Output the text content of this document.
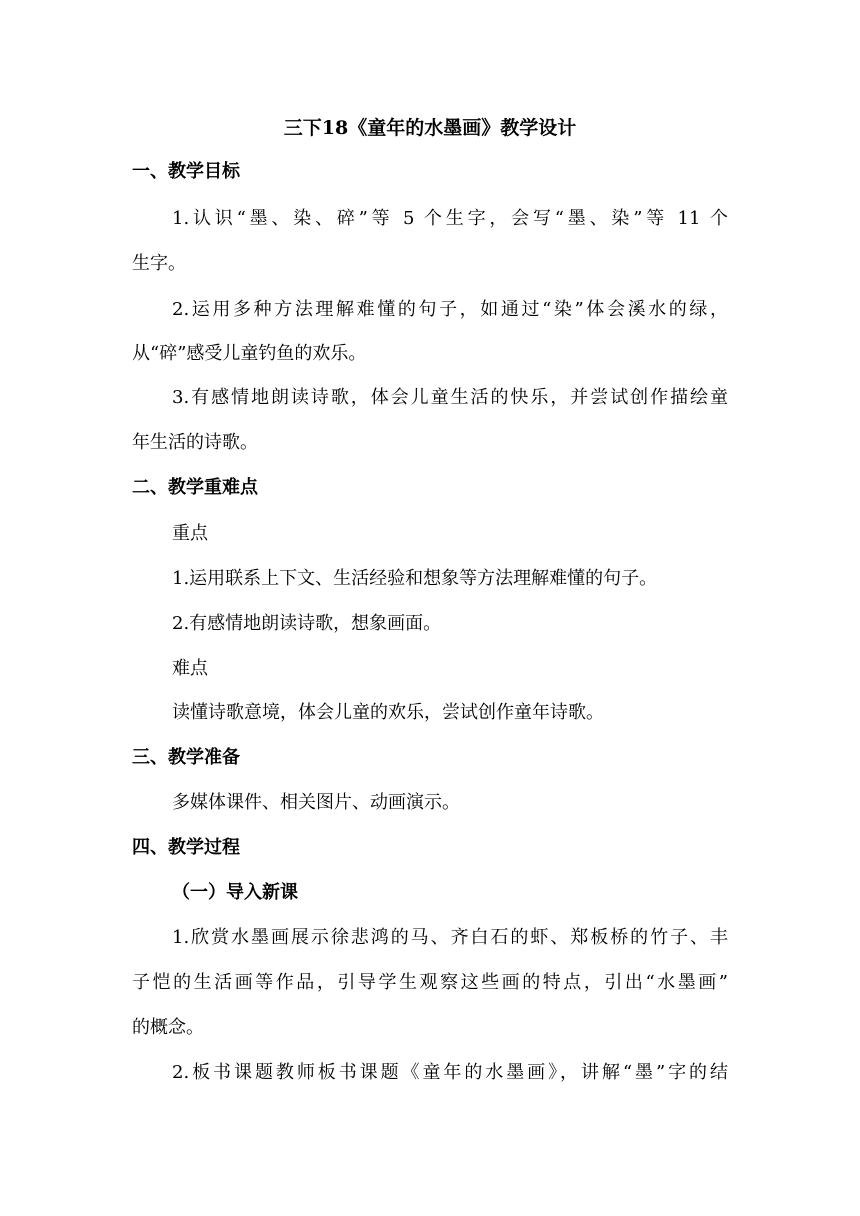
三下18《童年的水墨画》教学设计
一、教学目标
1.认识“墨、染、碎”等 5 个生字，会写“墨、染”等 11 个
生字。
2.运用多种方法理解难懂的句子，如通过“染”体会溪水的绿，
从“碎”感受儿童钓鱼的欢乐。
3.有感情地朗读诗歌，体会儿童生活的快乐，并尝试创作描绘童
年生活的诗歌。
二、教学重难点
重点
1.运用联系上下文、生活经验和想象等方法理解难懂的句子。
2.有感情地朗读诗歌，想象画面。
难点
读懂诗歌意境，体会儿童的欢乐，尝试创作童年诗歌。
三、教学准备
多媒体课件、相关图片、动画演示。
四、教学过程
（一）导入新课
1.欣赏水墨画展示徐悲鸿的马、齐白石的虾、郑板桥的竹子、丰
子恺的生活画等作品，引导学生观察这些画的特点，引出“水墨画”
的概念。
2.板书课题教师板书课题《童年的水墨画》，讲解“墨”字的结
